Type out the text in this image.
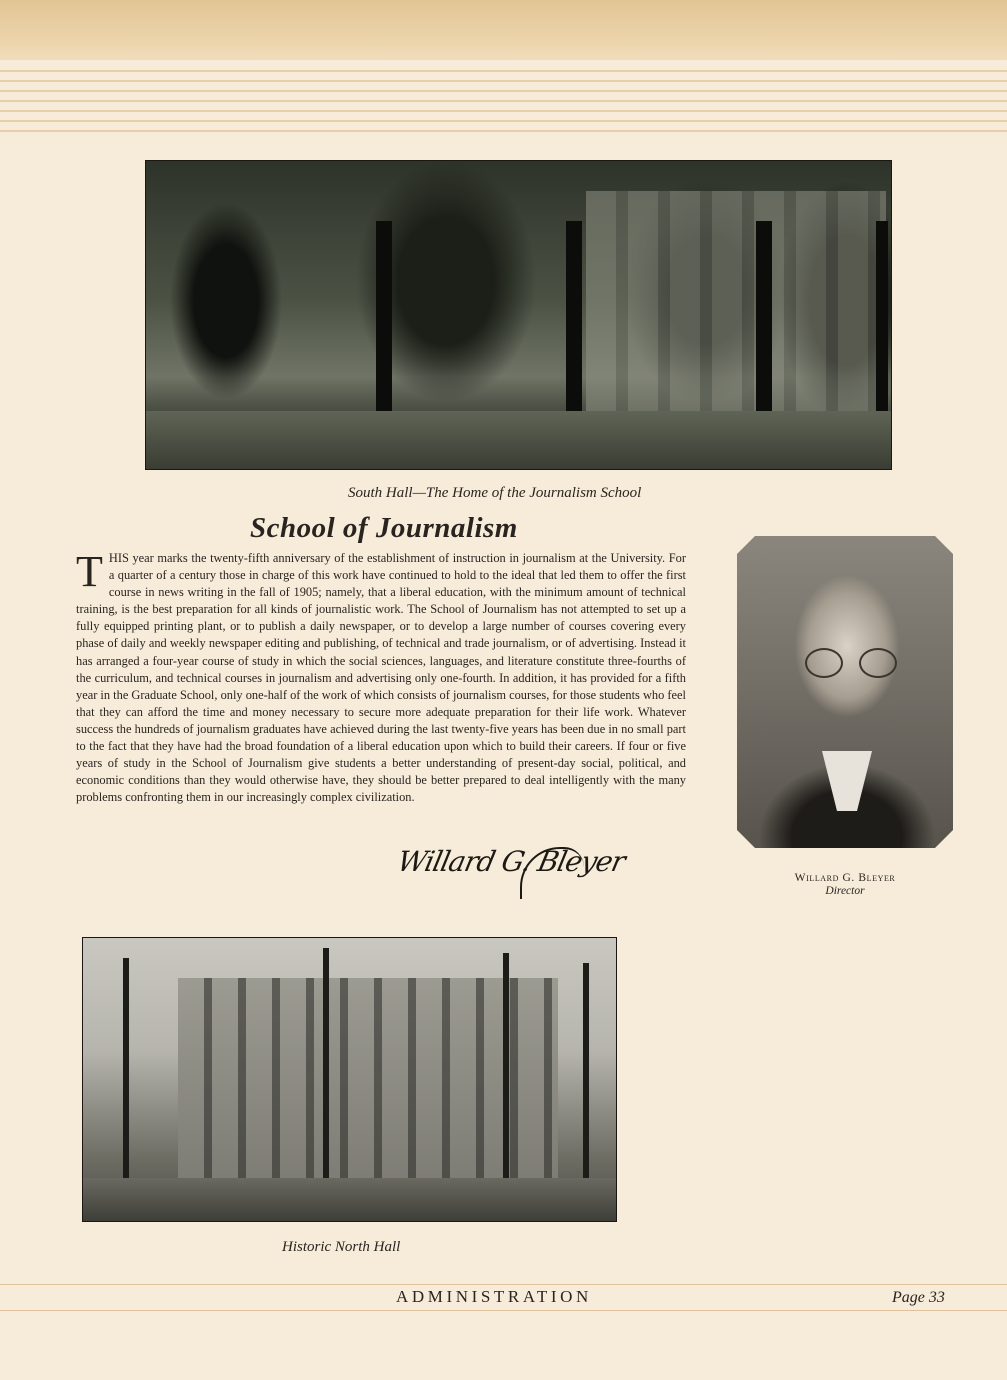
South Hall—The Home of the Journalism School
School of Journalism
THIS year marks the twenty-fifth anniversary of the establishment of instruction in journalism at the University. For a quarter of a century those in charge of this work have continued to hold to the ideal that led them to offer the first course in news writing in the fall of 1905; namely, that a liberal education, with the minimum amount of technical training, is the best preparation for all kinds of journalistic work. The School of Journalism has not attempted to set up a fully equipped printing plant, or to publish a daily newspaper, or to develop a large number of courses covering every phase of daily and weekly newspaper editing and publishing, of technical and trade journalism, or of advertising. Instead it has arranged a four-year course of study in which the social sciences, languages, and literature constitute three-fourths of the curriculum, and technical courses in journalism and advertising only one-fourth. In addition, it has provided for a fifth year in the Graduate School, only one-half of the work of which consists of journalism courses, for those students who feel that they can afford the time and money necessary to secure more adequate preparation for their life work. Whatever success the hundreds of journalism graduates have achieved during the last twenty-five years has been due in no small part to the fact that they have had the broad foundation of a liberal education upon which to build their careers. If four or five years of study in the School of Journalism give students a better understanding of present-day social, political, and economic conditions than they would otherwise have, they should be better prepared to deal intelligently with the many problems confronting them in our increasingly complex civilization.
Willard G. Bleyer	Willard G. Bleyer
Director
Historic North Hall
ADMINISTRATION	Page 33
